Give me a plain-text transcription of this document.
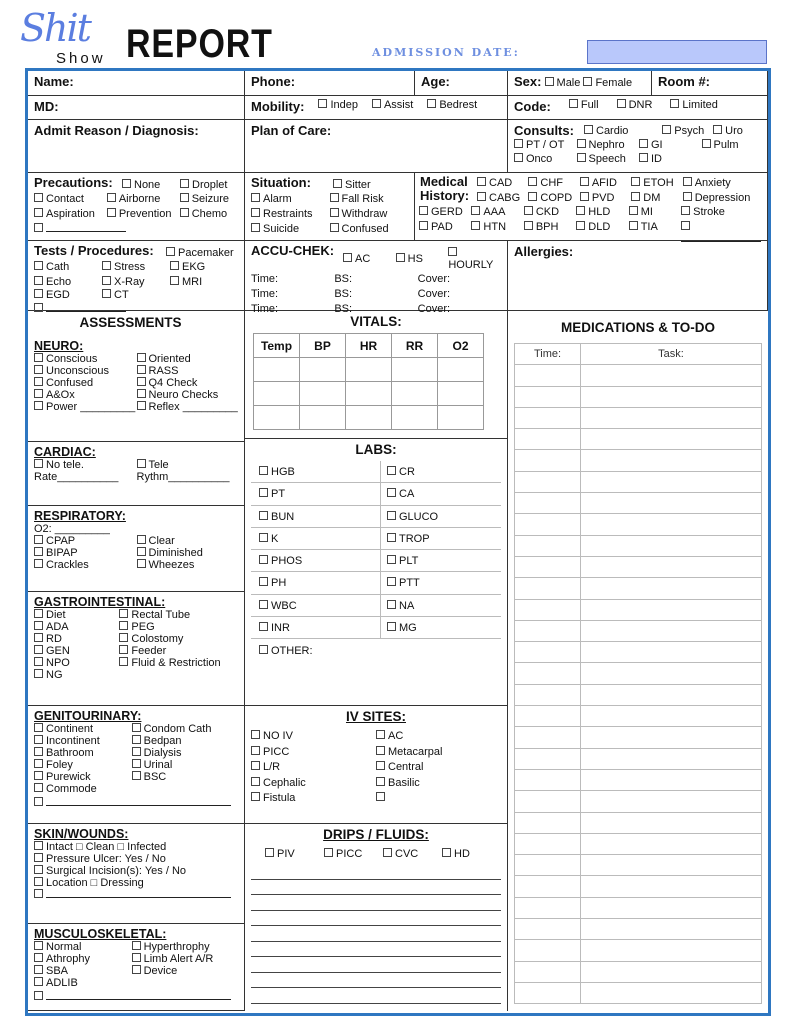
Shit
Show REPORT	ADMISSION DATE:
Name:	Phone:	Age:	Sex: Male Female	Room #:
MD:	Mobility:	Indep	Assist	Bedrest	Code:	Full	DNR	Limited
Admit Reason / Diagnosis:	Plan of Care:	Consults:	Cardio	Psych	Uro
PT / OT	Nephro	GI	Pulm
Onco	Speech	ID
Precautions:	None	Droplet
Contact	Airborne	Seizure
Aspiration	Prevention	Chemo
Situation:	Sitter
Alarm	Fall Risk
Restraints	Withdraw
Suicide	Confused
Medical
History:
CAD	CHF	AFID	ETOH	Anxiety
CABG	COPD	PVD	DM	Depression
GERD	AAA	CKD	HLD	MI	Stroke
PAD	HTN	BPH	DLD	TIA
Tests / Procedures:	Pacemaker
Cath	Stress	EKG
Echo	X-Ray	MRI
EGD	CT
ACCU-CHEK:
AC	HS	HOURLY
Time:	BS:	Cover:
Time:	BS:	Cover:
Time:	BS:	Cover:
Allergies:
ASSESSMENTS
NEURO:
Conscious	Oriented
Unconscious	RASS
Confused	Q4 Check
A&Ox	Neuro Checks
Power _________	Reflex _________
CARDIAC:
No tele.	Tele
Rate__________	Rythm__________
RESPIRATORY:
O2: _________
CPAP	Clear
BIPAP	Diminished
Crackles	Wheezes
GASTROINTESTINAL:
Diet	Rectal Tube
ADA	PEG
RD	Colostomy
GEN	Feeder
NPO	Fluid & Restriction
NG
GENITOURINARY:
Continent	Condom Cath
Incontinent	Bedpan
Bathroom	Dialysis
Foley	Urinal
Purewick	BSC
Commode
SKIN/WOUNDS:
Intact □ Clean □ Infected
Pressure Ulcer: Yes / No
Surgical Incision(s): Yes / No
Location □ Dressing
MUSCULOSKELETAL:
Normal	Hyperthrophy
Athrophy	Limb Alert A/R
SBA	Device
ADLIB
VITALS:
Temp	BP	HR	RR	O2

LABS:
HGB	CR
PT	CA
BUN	GLUCO
K	TROP
PHOS	PLT
PH	PTT
WBC	NA
INR	MG
OTHER:
IV SITES:
NO IV	AC
PICC	Metacarpal
L/R	Central
Cephalic	Basilic
Fistula
DRIPS / FLUIDS:
PIV	PICC	CVC	HD
MEDICATIONS & TO-DO
Time:	Task:
